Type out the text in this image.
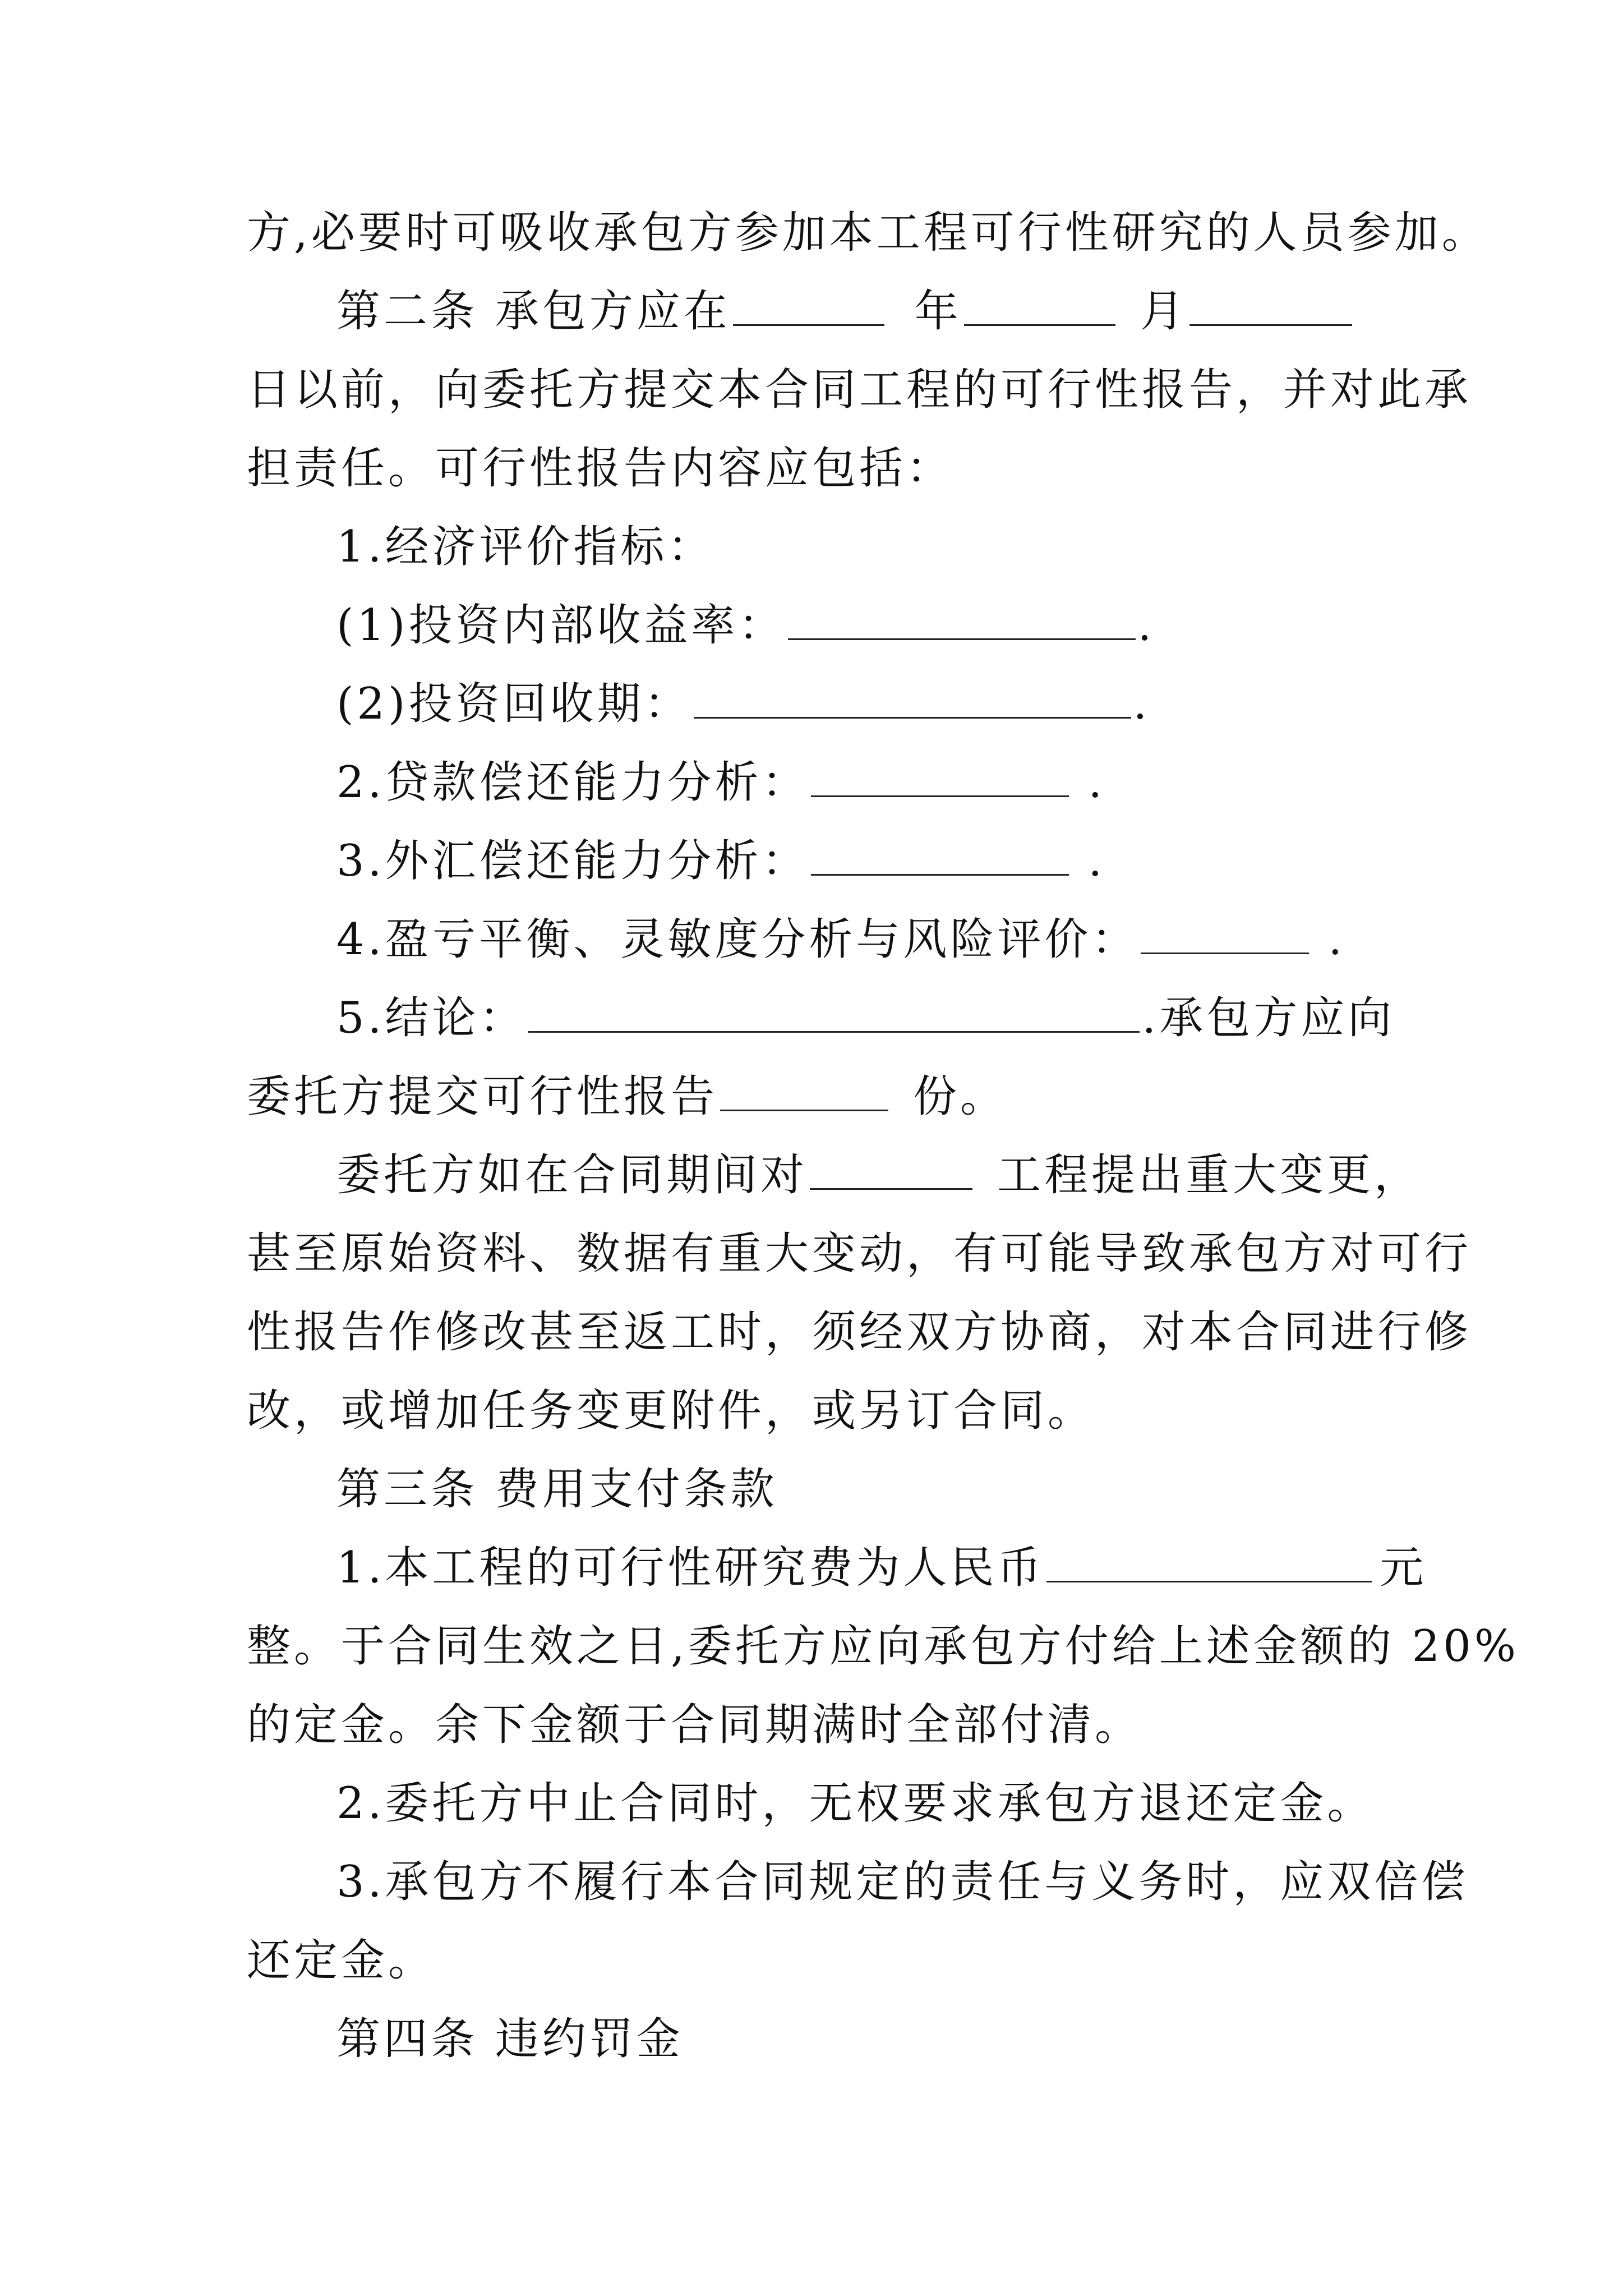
方,必要时可吸收承包方参加本工程可行性研究的人员参加。
第二条 承包方应在	年	月
日以前，向委托方提交本合同工程的可行性报告，并对此承
担责任。可行性报告内容应包括：
1.经济评价指标：
(1)投资内部收益率：	.
(2)投资回收期：	.
2.贷款偿还能力分析：	.
3.外汇偿还能力分析：	.
4.盈亏平衡、灵敏度分析与风险评价：	.
5.结论：	.承包方应向
委托方提交可行性报告	份。
委托方如在合同期间对	工程提出重大变更，
甚至原始资料、数据有重大变动，有可能导致承包方对可行
性报告作修改甚至返工时，须经双方协商，对本合同进行修
改，或增加任务变更附件，或另订合同。
第三条 费用支付条款
1.本工程的可行性研究费为人民币	元
整。于合同生效之日,委托方应向承包方付给上述金额的 20%
的定金。余下金额于合同期满时全部付清。
2.委托方中止合同时，无权要求承包方退还定金。
3.承包方不履行本合同规定的责任与义务时，应双倍偿
还定金。
第四条 违约罚金
